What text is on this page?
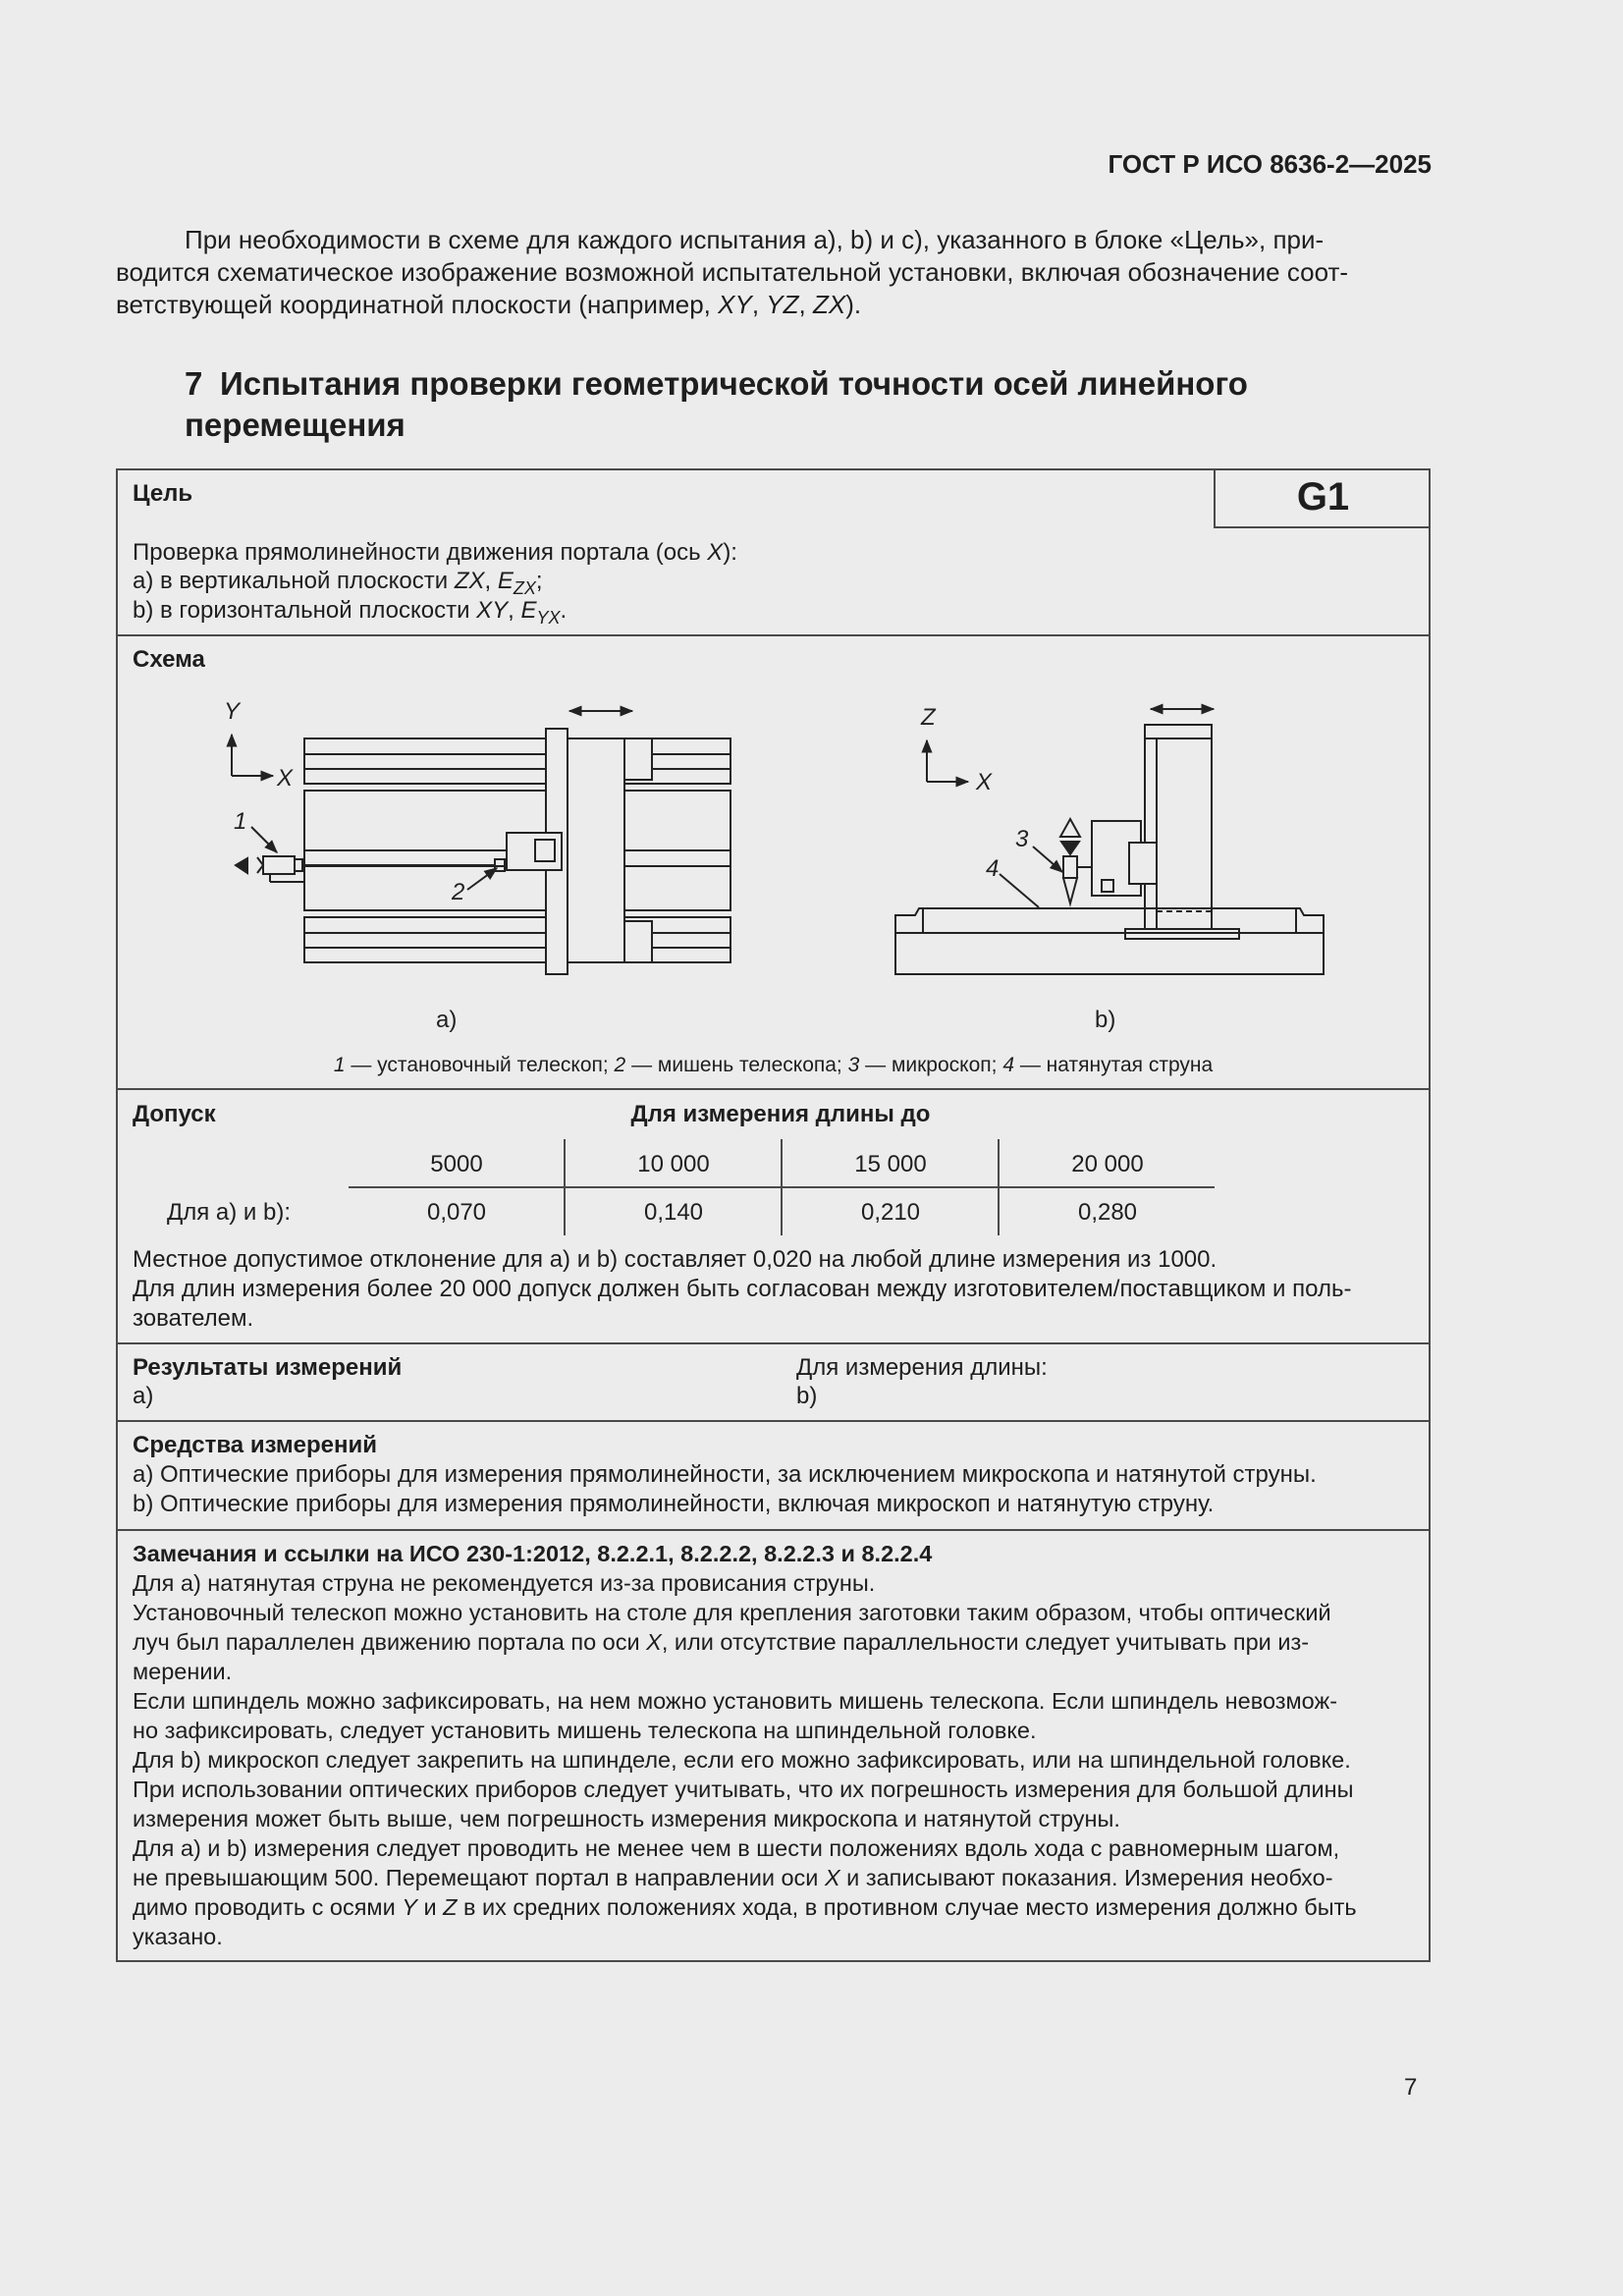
ГОСТ Р ИСО 8636-2—2025
При необходимости в схеме для каждого испытания a), b) и c), указанного в блоке «Цель», при-
водится схематическое изображение возможной испытательной установки, включая обозначение соот-
ветствующей координатной плоскости (например, XY, YZ, ZX).
7 Испытания проверки геометрической точности осей линейного
перемещения
Цель	G1
Проверка прямолинейности движения портала (ось X):
a) в вертикальной плоскости ZX, $E_{ZX}$;
b) в горизонтальной плоскости XY, $E_{YX}$.
Схема
Y
X
1
2
Z
X
3
4
a)	b)
1 — установочный телескоп; 2 — мишень телескопа; 3 — микроскоп; 4 — натянутая струна
Допуск	Для измерения длины до
5000	10 000	15 000	20 000
Для a) и b):	0,070	0,140	0,210	0,280
Местное допустимое отклонение для a) и b) составляет 0,020 на любой длине измерения из 1000.
Для длин измерения более 20 000 допуск должен быть согласован между изготовителем/поставщиком и поль-
зователем.
Результаты измерений
a)
Для измерения длины:
b)
Средства измерений
a) Оптические приборы для измерения прямолинейности, за исключением микроскопа и натянутой струны.
b) Оптические приборы для измерения прямолинейности, включая микроскоп и натянутую струну.
Замечания и ссылки на ИСО 230-1:2012, 8.2.2.1, 8.2.2.2, 8.2.2.3 и 8.2.2.4
Для a) натянутая струна не рекомендуется из-за провисания струны.
Установочный телескоп можно установить на столе для крепления заготовки таким образом, чтобы оптический
луч был параллелен движению портала по оси X, или отсутствие параллельности следует учитывать при из-
мерении.
Если шпиндель можно зафиксировать, на нем можно установить мишень телескопа. Если шпиндель невозмож-
но зафиксировать, следует установить мишень телескопа на шпиндельной головке.
Для b) микроскоп следует закрепить на шпинделе, если его можно зафиксировать, или на шпиндельной головке.
При использовании оптических приборов следует учитывать, что их погрешность измерения для большой длины
измерения может быть выше, чем погрешность измерения микроскопа и натянутой струны.
Для a) и b) измерения следует проводить не менее чем в шести положениях вдоль хода с равномерным шагом,
не превышающим 500. Перемещают портал в направлении оси X и записывают показания. Измерения необхо-
димо проводить с осями Y и Z в их средних положениях хода, в противном случае место измерения должно быть
указано.
7
